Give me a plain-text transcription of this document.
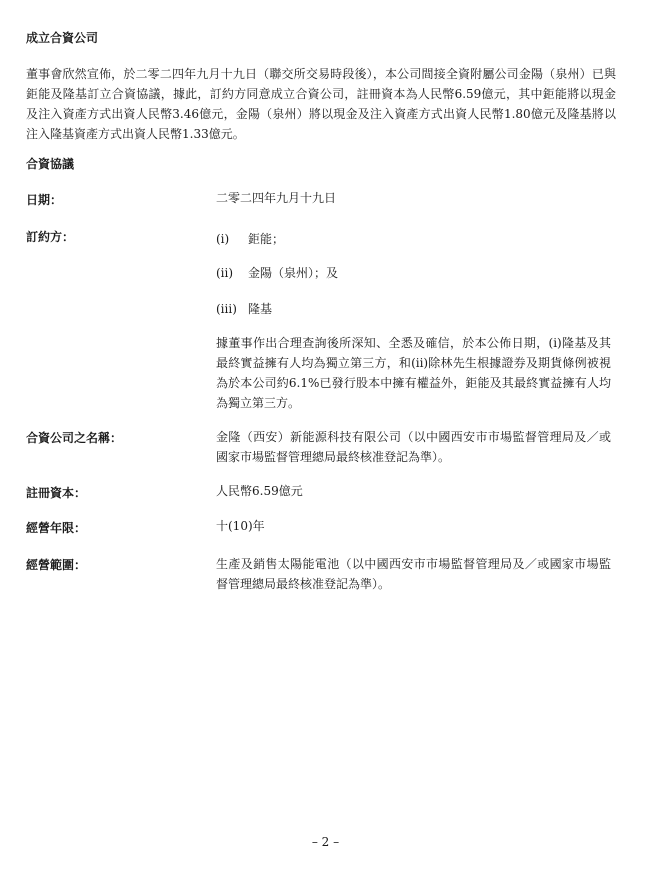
成立合資公司
董事會欣然宣佈，於二零二四年九月十九日（聯交所交易時段後），本公司間接全資附屬公司金陽（泉州）已與鉅能及隆基訂立合資協議，據此，訂約方同意成立合資公司，註冊資本為人民幣6.59億元，其中鉅能將以現金及注入資產方式出資人民幣3.46億元，金陽（泉州）將以現金及注入資產方式出資人民幣1.80億元及隆基將以注入隆基資產方式出資人民幣1.33億元。
合資協議
日期：	二零二四年九月十九日
訂約方：	(i) 鉅能；
(ii) 金陽（泉州）；及
(iii) 隆基
據董事作出合理查詢後所深知、全悉及確信，於本公佈日期，(i)隆基及其最終實益擁有人均為獨立第三方，和(ii)除林先生根據證券及期貨條例被視為於本公司約6.1%已發行股本中擁有權益外，鉅能及其最終實益擁有人均為獨立第三方。
合資公司之名稱：	金隆（西安）新能源科技有限公司（以中國西安市市場監督管理局及／或國家市場監督管理總局最終核准登記為準）。
註冊資本：	人民幣6.59億元
經營年限：	十(10)年
經營範圍：	生產及銷售太陽能電池（以中國西安市市場監督管理局及／或國家市場監督管理總局最終核准登記為準）。
– 2 –
